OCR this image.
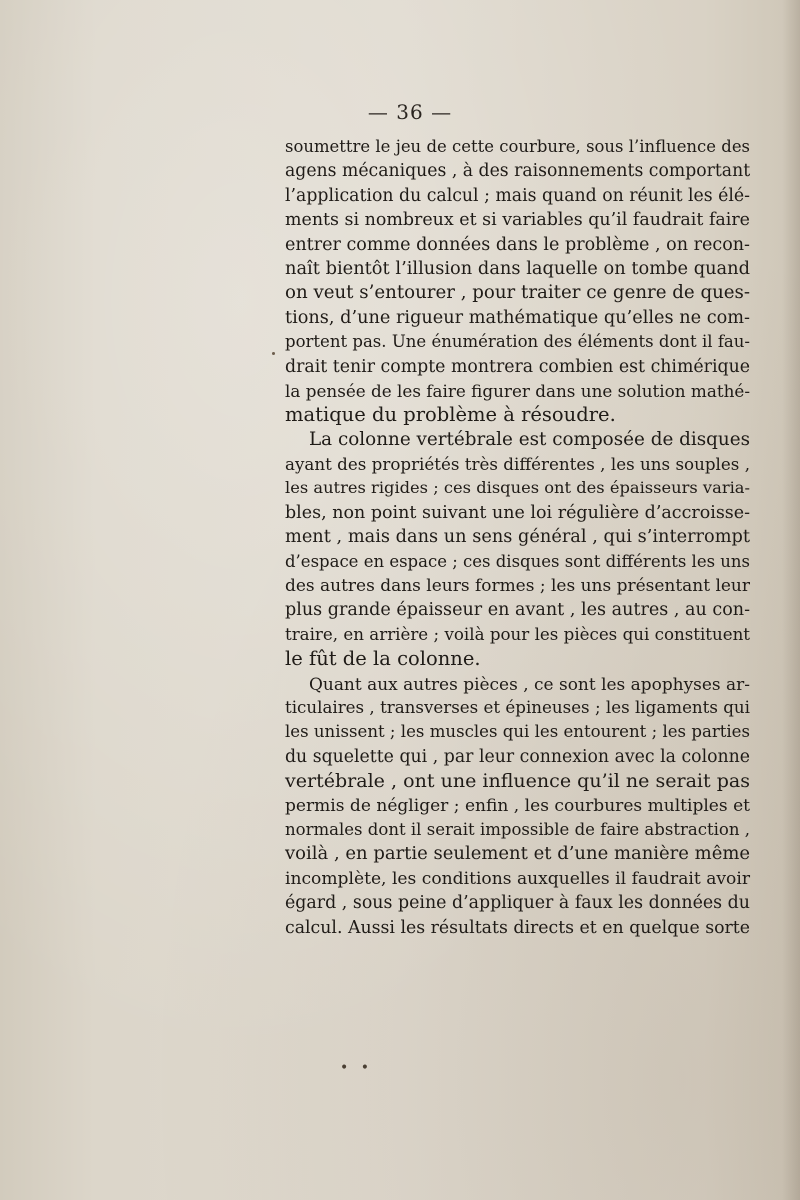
— 36 —
soumettre le jeu de cette courbure, sous l’influence des
agens mécaniques , à des raisonnements comportant
l’application du calcul ; mais quand on réunit les élé-
ments si nombreux et si variables qu’il faudrait faire
entrer comme données dans le problème , on recon-
naît bientôt l’illusion dans laquelle on tombe quand
on veut s’entourer , pour traiter ce genre de ques-
tions, d’une rigueur mathématique qu’elles ne com-
portent pas. Une énumération des éléments dont il fau-
drait tenir compte montrera combien est chimérique
la pensée de les faire figurer dans une solution mathé-
matique du problème à résoudre.
La colonne vertébrale est composée de disques
ayant des propriétés très différentes , les uns souples ,
les autres rigides ; ces disques ont des épaisseurs varia-
bles, non point suivant une loi régulière d’accroisse-
ment , mais dans un sens général , qui s’interrompt
d’espace en espace ; ces disques sont différents les uns
des autres dans leurs formes ; les uns présentant leur
plus grande épaisseur en avant , les autres , au con-
traire, en arrière ; voilà pour les pièces qui constituent
le fût de la colonne.
Quant aux autres pièces , ce sont les apophyses ar-
ticulaires , transverses et épineuses ; les ligaments qui
les unissent ; les muscles qui les entourent ; les parties
du squelette qui , par leur connexion avec la colonne
vertébrale , ont une influence qu’il ne serait pas
permis de négliger ; enfin , les courbures multiples et
normales dont il serait impossible de faire abstraction ,
voilà , en partie seulement et d’une manière même
incomplète, les conditions auxquelles il faudrait avoir
égard , sous peine d’appliquer à faux les données du
calcul. Aussi les résultats directs et en quelque sorte
• •
